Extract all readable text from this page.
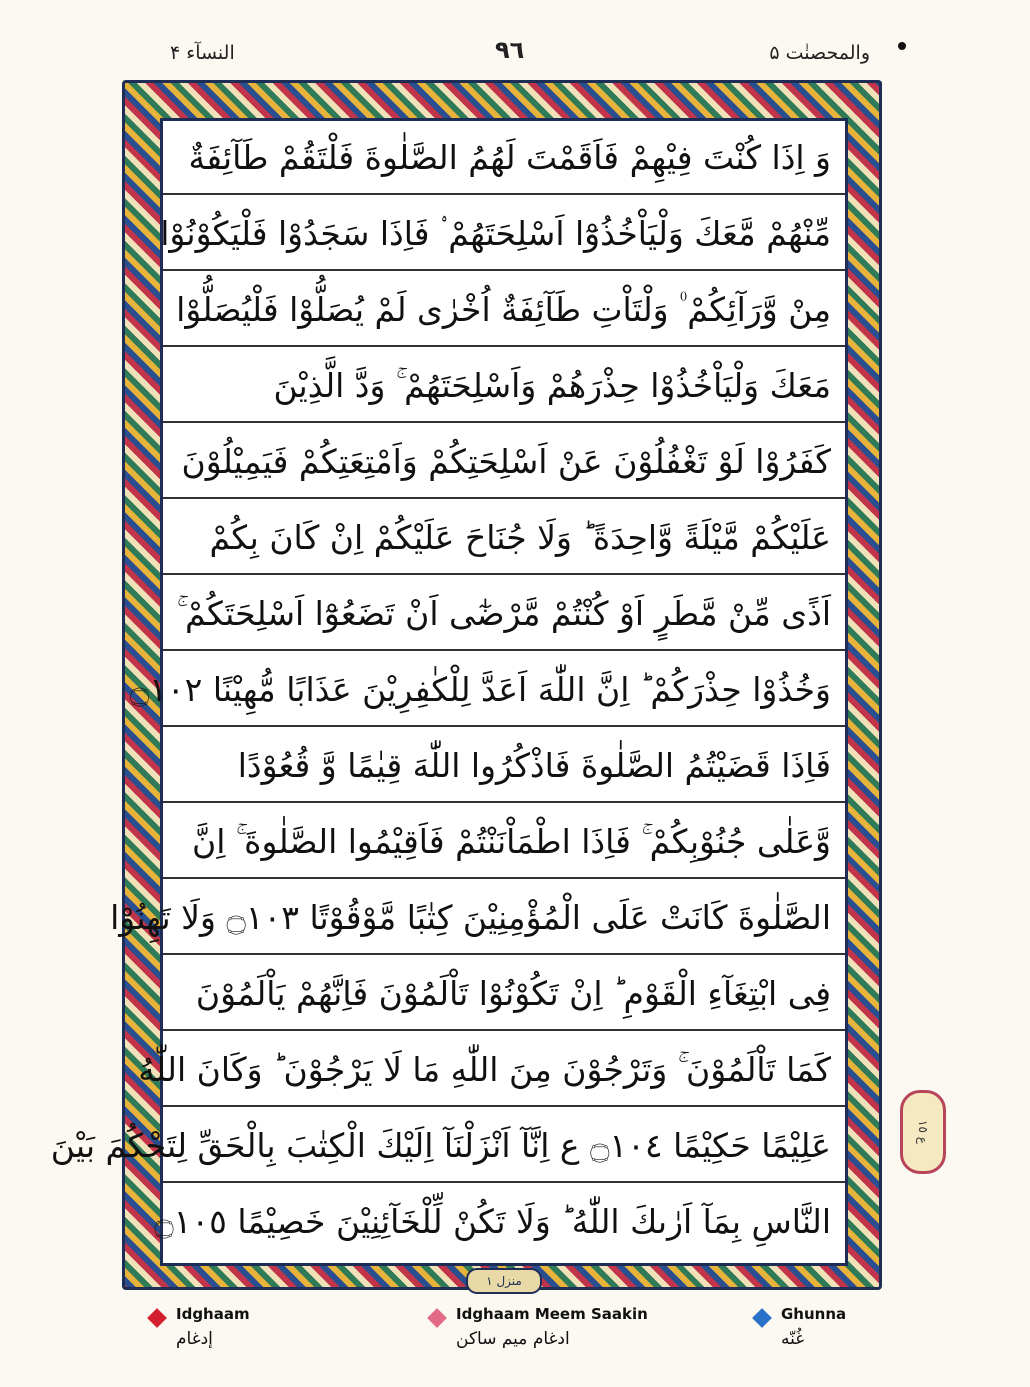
النسآء ۴	٩٦	والمحصنٰت ۵
وَ اِذَا كُنْتَ فِيْهِمْ فَاَقَمْتَ لَهُمُ الصَّلٰوةَ فَلْتَقُمْ طَآئِفَةٌ
مِّنْهُمْ مَّعَكَ وَلْيَاْخُذُوْٓا اَسْلِحَتَهُمْ ۟ فَاِذَا سَجَدُوْا فَلْيَكُوْنُوْا
مِنْ وَّرَآئِكُمْ ۠ وَلْتَاْتِ طَآئِفَةٌ اُخْرٰى لَمْ يُصَلُّوْا فَلْيُصَلُّوْا
مَعَكَ وَلْيَاْخُذُوْا حِذْرَهُمْ وَاَسْلِحَتَهُمْ ۚ وَدَّ الَّذِيْنَ
كَفَرُوْا لَوْ تَغْفُلُوْنَ عَنْ اَسْلِحَتِكُمْ وَاَمْتِعَتِكُمْ فَيَمِيْلُوْنَ
عَلَيْكُمْ مَّيْلَةً وَّاحِدَةً ؕ وَلَا جُنَاحَ عَلَيْكُمْ اِنْ كَانَ بِكُمْ
اَذًى مِّنْ مَّطَرٍ اَوْ كُنْتُمْ مَّرْضٰٓى اَنْ تَضَعُوْٓا اَسْلِحَتَكُمْ ۚ
وَخُذُوْا حِذْرَكُمْ ؕ اِنَّ اللّٰهَ اَعَدَّ لِلْكٰفِرِيْنَ عَذَابًا مُّهِيْنًا ۝١٠٢
فَاِذَا قَضَيْتُمُ الصَّلٰوةَ فَاذْكُرُوا اللّٰهَ قِيٰمًا وَّ قُعُوْدًا
وَّعَلٰى جُنُوْبِكُمْ ۚ فَاِذَا اطْمَاْنَنْتُمْ فَاَقِيْمُوا الصَّلٰوةَ ۚ اِنَّ
الصَّلٰوةَ كَانَتْ عَلَى الْمُؤْمِنِيْنَ كِتٰبًا مَّوْقُوْتًا ۝١٠٣ وَلَا تَهِنُوْا
فِى ابْتِغَآءِ الْقَوْمِ ؕ اِنْ تَكُوْنُوْا تَاْلَمُوْنَ فَاِنَّهُمْ يَاْلَمُوْنَ
كَمَا تَاْلَمُوْنَ ۚ وَتَرْجُوْنَ مِنَ اللّٰهِ مَا لَا يَرْجُوْنَ ؕ وَكَانَ اللّٰهُ
عَلِيْمًا حَكِيْمًا ۝١٠٤ ع اِنَّآ اَنْزَلْنَآ اِلَيْكَ الْكِتٰبَ بِالْحَقِّ لِتَحْكُمَ بَيْنَ
النَّاسِ بِمَآ اَرٰىكَ اللّٰهُ ؕ وَلَا تَكُنْ لِّلْخَآئِنِيْنَ خَصِيْمًا ۝١٠٥
منزل ١
ع ١٥
Idghaam
إدغام
Idghaam Meem Saakin
ادغام میم ساکن
Ghunna
غُنّه
